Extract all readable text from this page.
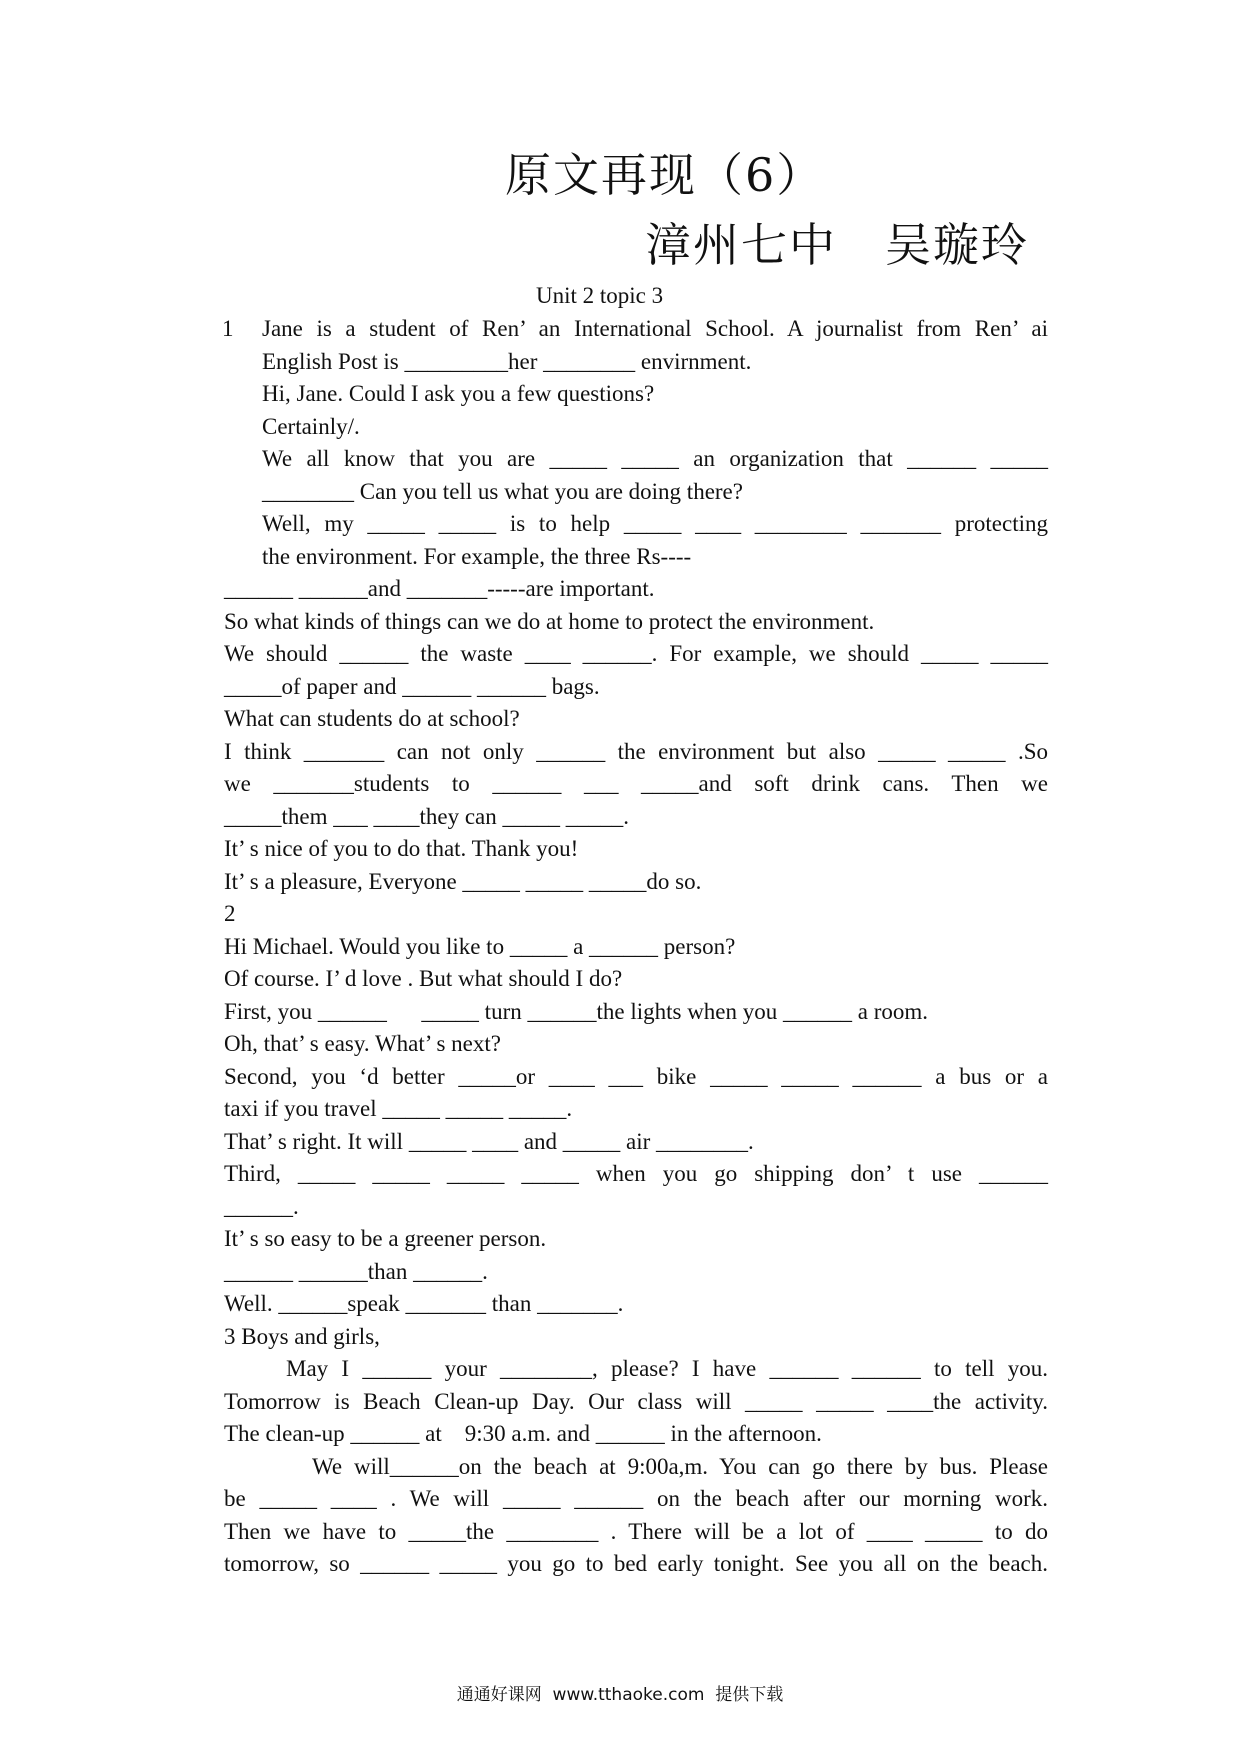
原文再现（6）
漳州七中　吴璇玲

Unit 2 topic 3

1 Jane is a student of Ren’ an International School. A journalist from Ren’ ai

English Post is _________her ________ envirnment.

Hi, Jane. Could I ask you a few questions?

Certainly/.

We all know that you are _____ _____ an organization that ______ _____

________ Can you tell us what you are doing there?

Well, my _____ _____ is to help _____ ____ ________ _______ protecting

the environment. For example, the three Rs----

______ ______and _______-----are important.

So what kinds of things can we do at home to protect the environment.

We should ______ the waste ____ ______. For example, we should _____ _____

_____of paper and ______ ______ bags.

What can students do at school?

I think _______ can not only ______ the environment but also _____ _____ .So

we _______students to ______ ___ _____and soft drink cans. Then we

_____them ___ ____they can _____ _____.

It’ s nice of you to do that. Thank you!

It’ s a pleasure, Everyone _____ _____ _____do so.

2

Hi Michael. Would you like to _____ a ______ person?

Of course. I’ d love . But what should I do?

First, you ______      _____ turn ______the lights when you ______ a room.

Oh, that’ s easy. What’ s next?

Second, you ‘d better _____or ____ ___ bike _____ _____ ______ a bus or a

taxi if you travel _____ _____ _____.

That’ s right. It will _____ ____ and _____ air ________.

Third, _____ _____ _____ _____ when you go shipping don’ t use ______

______.

It’ s so easy to be a greener person.

______ ______than ______.

Well. ______speak _______ than _______.

3 Boys and girls,

May I ______ your ________, please? I have ______ ______ to tell you.

Tomorrow is Beach Clean-up Day. Our class will _____ _____ ____the activity.

The clean-up ______ at    9:30 a.m. and ______ in the afternoon.

We will______on the beach at 9:00a,m. You can go there by bus. Please

be _____ ____ . We will _____ ______ on the beach after our morning work.

Then we have to _____the ________ . There will be a lot of ____ _____ to do

tomorrow, so ______ _____ you go to bed early tonight. See you all on the beach.

通通好课网  www.tthaoke.com  提供下载
